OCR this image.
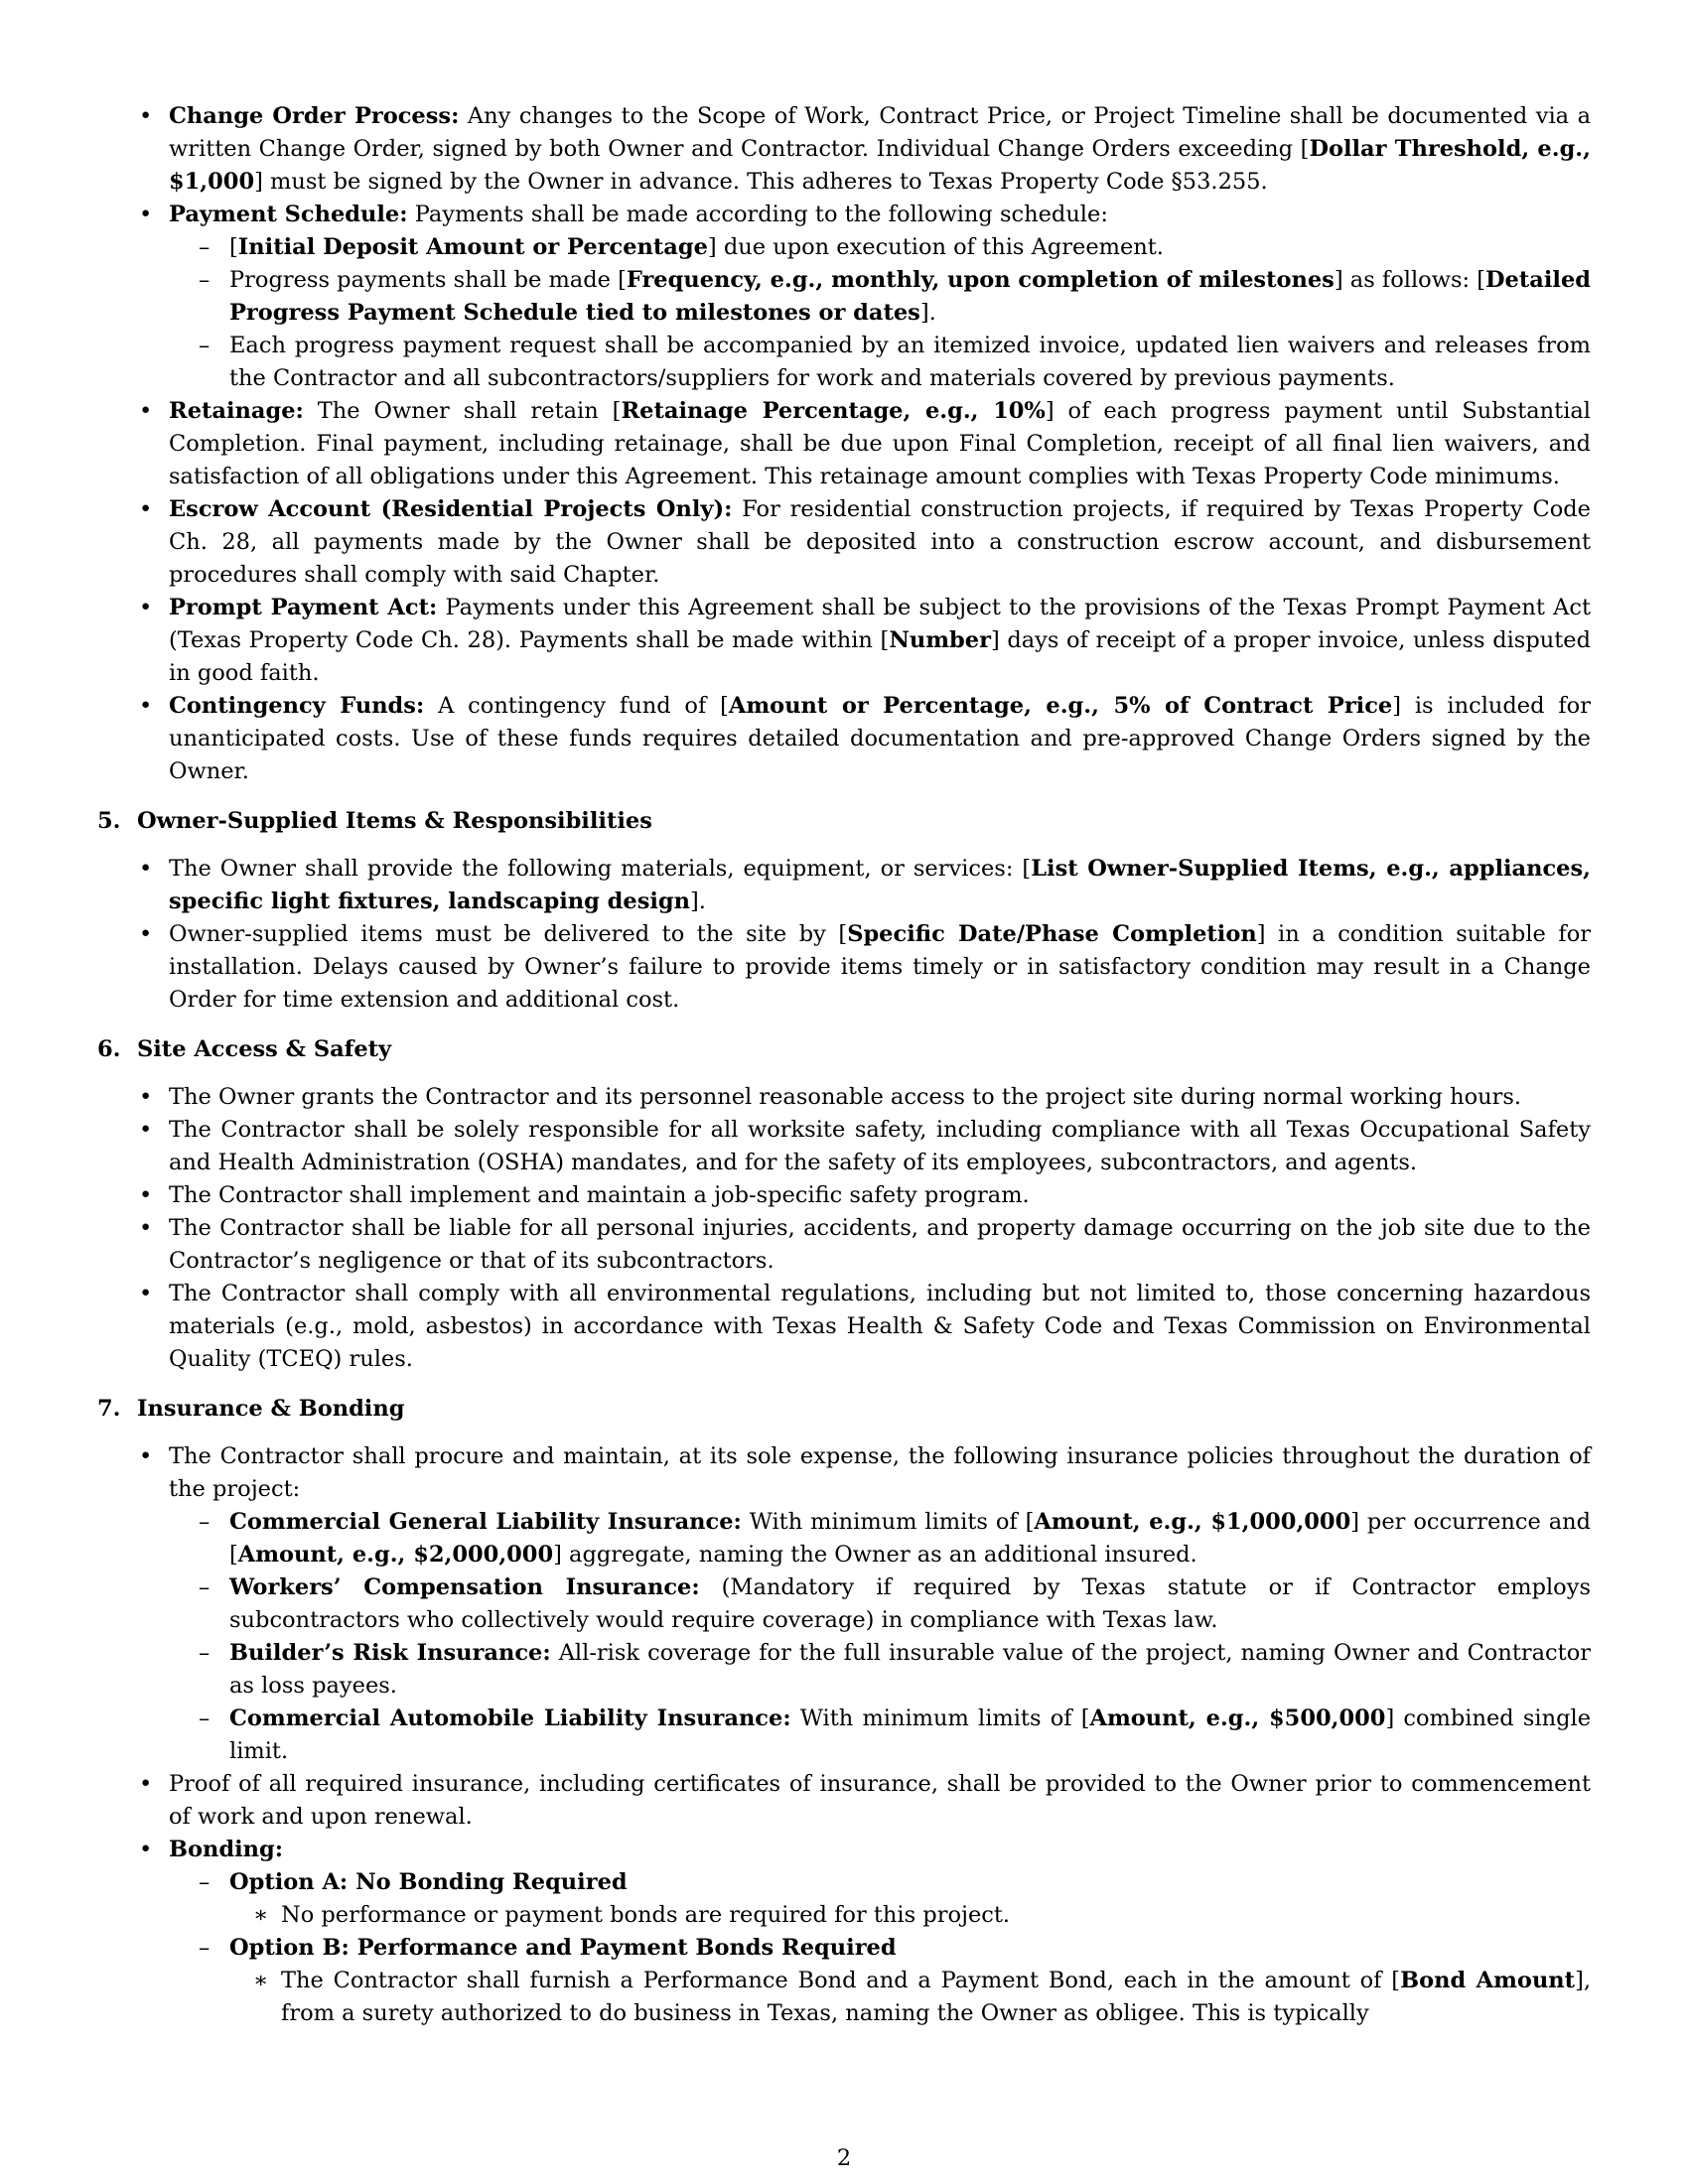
• Change Order Process: Any changes to the Scope of Work, Contract Price, or Project Timeline shall be documented via a written Change Order, signed by both Owner and Contractor. Individual Change Orders exceeding [Dollar Threshold, e.g., $1,000] must be signed by the Owner in advance. This adheres to Texas Property Code §53.255.
• Payment Schedule: Payments shall be made according to the following schedule:
– [Initial Deposit Amount or Percentage] due upon execution of this Agreement.
– Progress payments shall be made [Frequency, e.g., monthly, upon completion of milestones] as follows: [Detailed Progress Payment Schedule tied to milestones or dates].
– Each progress payment request shall be accompanied by an itemized invoice, updated lien waivers and releases from the Contractor and all subcontractors/suppliers for work and materials covered by previous payments.
• Retainage: The Owner shall retain [Retainage Percentage, e.g., 10%] of each progress payment until Substantial Completion. Final payment, including retainage, shall be due upon Final Completion, receipt of all final lien waivers, and satisfaction of all obligations under this Agreement. This retainage amount complies with Texas Property Code minimums.
• Escrow Account (Residential Projects Only): For residential construction projects, if required by Texas Property Code Ch. 28, all payments made by the Owner shall be deposited into a construction escrow account, and disbursement procedures shall comply with said Chapter.
• Prompt Payment Act: Payments under this Agreement shall be subject to the provisions of the Texas Prompt Payment Act (Texas Property Code Ch. 28). Payments shall be made within [Number] days of receipt of a proper invoice, unless disputed in good faith.
• Contingency Funds: A contingency fund of [Amount or Percentage, e.g., 5% of Contract Price] is included for unanticipated costs. Use of these funds requires detailed documentation and pre-approved Change Orders signed by the Owner.
5. Owner-Supplied Items & Responsibilities
• The Owner shall provide the following materials, equipment, or services: [List Owner-Supplied Items, e.g., appliances, specific light fixtures, landscaping design].
• Owner-supplied items must be delivered to the site by [Specific Date/Phase Completion] in a condition suitable for installation. Delays caused by Owner’s failure to provide items timely or in satisfactory condition may result in a Change Order for time extension and additional cost.
6. Site Access & Safety
• The Owner grants the Contractor and its personnel reasonable access to the project site during normal working hours.
• The Contractor shall be solely responsible for all worksite safety, including compliance with all Texas Occupational Safety and Health Administration (OSHA) mandates, and for the safety of its employees, subcontractors, and agents.
• The Contractor shall implement and maintain a job-specific safety program.
• The Contractor shall be liable for all personal injuries, accidents, and property damage occurring on the job site due to the Contractor’s negligence or that of its subcontractors.
• The Contractor shall comply with all environmental regulations, including but not limited to, those concerning hazardous materials (e.g., mold, asbestos) in accordance with Texas Health & Safety Code and Texas Commission on Environmental Quality (TCEQ) rules.
7. Insurance & Bonding
• The Contractor shall procure and maintain, at its sole expense, the following insurance policies throughout the duration of the project:
– Commercial General Liability Insurance: With minimum limits of [Amount, e.g., $1,000,000] per occurrence and [Amount, e.g., $2,000,000] aggregate, naming the Owner as an additional insured.
– Workers’ Compensation Insurance: (Mandatory if required by Texas statute or if Contractor employs subcontractors who collectively would require coverage) in compliance with Texas law.
– Builder’s Risk Insurance: All-risk coverage for the full insurable value of the project, naming Owner and Contractor as loss payees.
– Commercial Automobile Liability Insurance: With minimum limits of [Amount, e.g., $500,000] combined single limit.
• Proof of all required insurance, including certificates of insurance, shall be provided to the Owner prior to commencement of work and upon renewal.
• Bonding:
– Option A: No Bonding Required
∗ No performance or payment bonds are required for this project.
– Option B: Performance and Payment Bonds Required
∗ The Contractor shall furnish a Performance Bond and a Payment Bond, each in the amount of [Bond Amount], from a surety authorized to do business in Texas, naming the Owner as obligee. This is typically
2
